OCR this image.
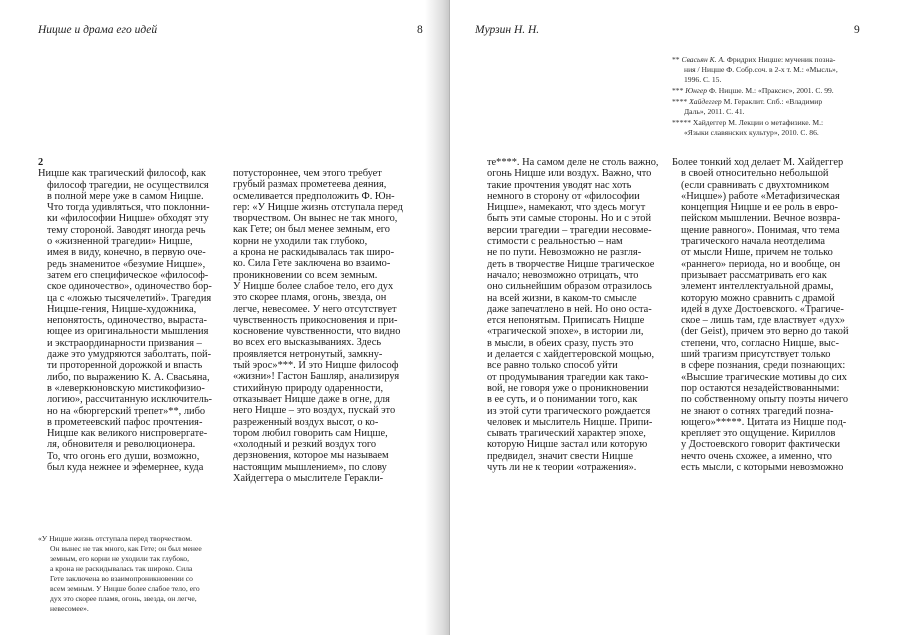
Ницше и драма его идей	8
2
Ницше как трагический философ, как
философ трагедии, не осуществился
в полной мере уже в самом Ницше.
Что тогда удивляться, что поклонни-
ки «философии Ницше» обходят эту
тему стороной. Заводят иногда речь
о «жизненной трагедии» Ницше,
имея в виду, конечно, в первую оче-
редь знаменитое «безумие Ницше»,
затем его специфическое «философ-
ское одиночество», одиночество бор-
ца с «ложью тысячелетий». Трагедия
Ницше-гения, Ницше-художника,
непонятость, одиночество, выраста-
ющее из оригинальности мышления
и экстраординарности призвания –
даже это умудряются заболтать, пой-
ти проторенной дорожкой и впасть
либо, по выражению К. А. Свасьяна,
в «леверкюновскую мистикофизио-
логию», рассчитанную исключитель-
но на «бюргерский трепет»**, либо
в прометеевский пафос прочтения-
Ницше как великого ниспровергате-
ля, обновителя и революционера.
То, что огонь его души, возможно,
был куда нежнее и эфемернее, куда
потустороннее, чем этого требует
грубый размах прометеева деяния,
осмеливается предположить Ф. Юн-
гер: «У Ницше жизнь отступала перед
творчеством. Он вынес не так много,
как Гете; он был менее земным, его
корни не уходили так глубоко,
а крона не раскидывалась так широ-
ко. Сила Гете заключена во взаимо-
проникновении со всем земным.
У Ницше более слабое тело, его дух
это скорее пламя, огонь, звезда, он
легче, невесомее. У него отсутствует
чувственность прикосновения и при-
косновение чувственности, что видно
во всех его высказываниях. Здесь
проявляется нетронутый, замкну-
тый эрос»***. И это Ницше философ
«жизни»! Гастон Башляр, анализируя
стихийную природу одаренности,
отказывает Ницше даже в огне, для
него Ницше – это воздух, пускай это
разреженный воздух высот, о ко-
тором любил говорить сам Ницше,
«холодный и резкий воздух того
дерзновения, которое мы называем
настоящим мышлением», по слову
Хайдеггера о мыслителе Геракли-
«У Ницше жизнь отступала перед творчеством.
Он вынес не так много, как Гете; он был менее
земным, его корни не уходили так глубоко,
а крона не раскидывалась так широко. Сила
Гете заключена во взаимопроникновении со
всем земным. У Ницше более слабое тело, его
дух это скорее пламя, огонь, звезда, он легче,
невесомее».
Мурзин Н. Н.	9
** Свасьян К. А. Фридрих Ницше: мученик позна-
ния / Ницше Ф. Собр.соч. в 2-х т. М.: «Мысль»,
1996. С. 15.
*** Юнгер Ф. Ницше. М.: «Праксис», 2001. С. 99.
**** Хайдеггер М. Гераклит. Спб.: «Владимир
Даль», 2011. С. 41.
***** Хайдеггер М. Лекции о метафизике. М.:
«Языки славянских культур», 2010. С. 86.
те****. На самом деле не столь важно,
огонь Ницше или воздух. Важно, что
такие прочтения уводят нас хоть
немного в сторону от «философии
Ницше», намекают, что здесь могут
быть эти самые стороны. Но и с этой
версии трагедии – трагедии несовме-
стимости с реальностью – нам
не по пути. Невозможно не разгля-
деть в творчестве Ницше трагическое
начало; невозможно отрицать, что
оно сильнейшим образом отразилось
на всей жизни, в каком-то смысле
даже запечатлено в ней. Но оно оста-
ется непонятым. Приписать Ницше
«трагической эпохе», в истории ли,
в мысли, в обеих сразу, пусть это
и делается с хайдеггеровской мощью,
все равно только способ уйти
от продумывания трагедии как тако-
вой, не говоря уже о проникновении
в ее суть, и о понимании того, как
из этой сути трагического рождается
человек и мыслитель Ницше. Припи-
сывать трагический характер эпохе,
которую Ницше застал или которую
предвидел, значит свести Ницше
чуть ли не к теории «отражения».
Более тонкий ход делает М. Хайдеггер
в своей относительно небольшой
(если сравнивать с двухтомником
«Ницше») работе «Метафизическая
концепция Ницше и ее роль в евро-
пейском мышлении. Вечное возвра-
щение равного». Понимая, что тема
трагического начала неотделима
от мысли Нише, причем не только
«раннего» периода, но и вообще, он
призывает рассматривать его как
элемент интеллектуальной драмы,
которую можно сравнить с драмой
идей в духе Достоевского. «Трагиче-
ское – лишь там, где властвует «дух»
(der Geist), причем это верно до такой
степени, что, согласно Ницше, выс-
ший трагизм присутствует только
в сфере познания, среди познающих:
«Высшие трагические мотивы до сих
пор остаются незадействованными:
по собственному опыту поэты ничего
не знают о сотнях трагедий позна-
ющего»*****. Цитата из Ницше под-
крепляет это ощущение. Кириллов
у Достоевского говорит фактически
нечто очень схожее, а именно, что
есть мысли, с которыми невозможно
